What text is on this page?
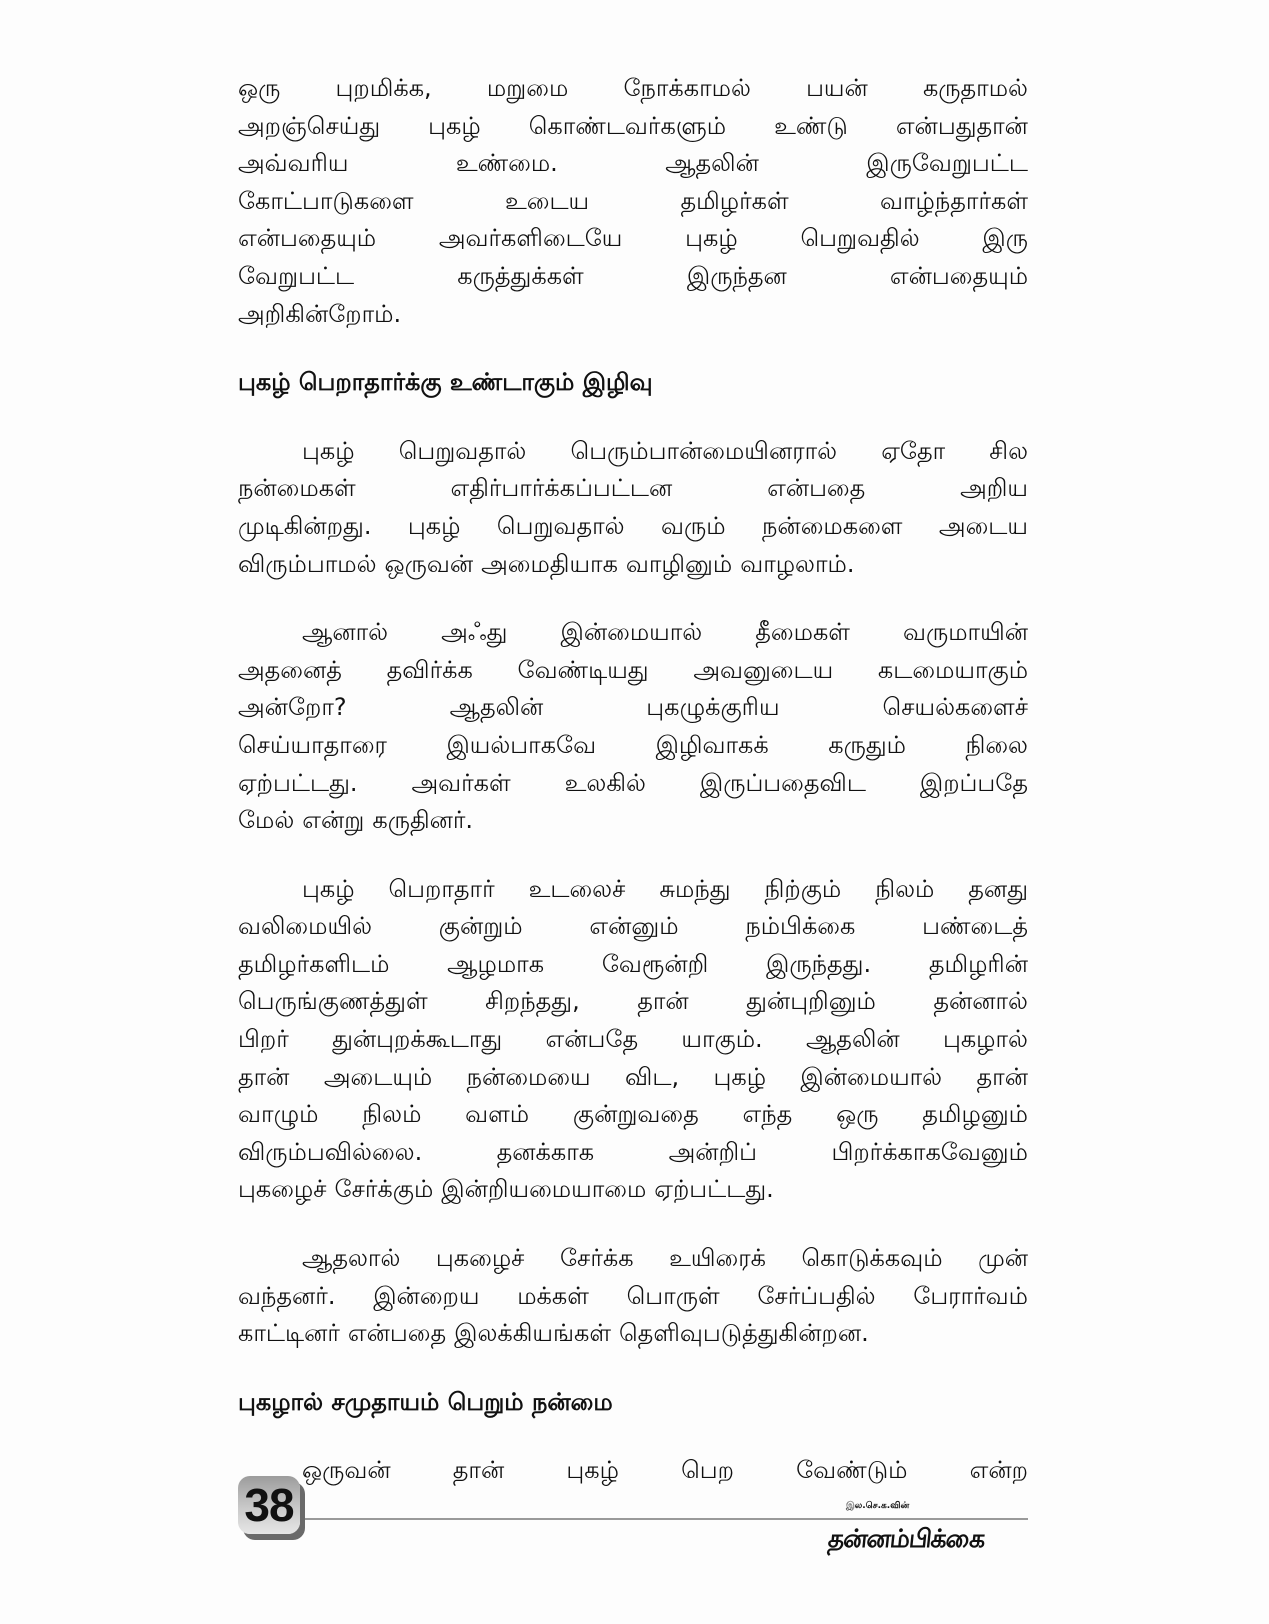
ஒரு புறமிக்க, மறுமை நோக்காமல் பயன் கருதாமல்
அறஞ்செய்து புகழ் கொண்டவர்களும் உண்டு என்பதுதான்
அவ்வரிய	உண்மை.	ஆதலின்	இருவேறுபட்ட
கோட்பாடுகளை	உடைய	தமிழர்கள்	வாழ்ந்தார்கள்
என்பதையும்	அவர்களிடையே	புகழ்	பெறுவதில்	இரு
வேறுபட்ட	கருத்துக்கள்	இருந்தன	என்பதையும்
அறிகின்றோம்.
புகழ் பெறாதார்க்கு உண்டாகும் இழிவு
புகழ் பெறுவதால் பெரும்பான்மையினரால் ஏதோ சில
நன்மைகள்	எதிர்பார்க்கப்பட்டன	என்பதை	அறிய
முடிகின்றது. புகழ் பெறுவதால் வரும் நன்மைகளை அடைய
விரும்பாமல் ஒருவன் அமைதியாக வாழினும் வாழலாம்.
ஆனால் அஃது இன்மையால் தீமைகள் வருமாயின்
அதனைத் தவிர்க்க வேண்டியது அவனுடைய கடமையாகும்
அன்றோ?	ஆதலின்	புகழுக்குரிய	செயல்களைச்
செய்யாதாரை இயல்பாகவே இழிவாகக் கருதும் நிலை
ஏற்பட்டது. அவர்கள் உலகில் இருப்பதைவிட இறப்பதே
மேல் என்று கருதினர்.
புகழ் பெறாதார் உடலைச் சுமந்து நிற்கும் நிலம் தனது
வலிமையில்	குன்றும்	என்னும்	நம்பிக்கை	பண்டைத்
தமிழர்களிடம் ஆழமாக வேரூன்றி இருந்தது. தமிழரின்
பெருங்குணத்துள் சிறந்தது, தான் துன்புறினும் தன்னால்
பிறர் துன்புறக்கூடாது என்பதே யாகும். ஆதலின் புகழால்
தான் அடையும் நன்மையை விட, புகழ் இன்மையால் தான்
வாழும் நிலம் வளம் குன்றுவதை எந்த ஒரு தமிழனும்
விரும்பவில்லை.	தனக்காக	அன்றிப்	பிறர்க்காகவேனும்
புகழைச் சேர்க்கும் இன்றியமையாமை ஏற்பட்டது.
ஆதலால் புகழைச் சேர்க்க உயிரைக் கொடுக்கவும் முன்
வந்தனர். இன்றைய மக்கள் பொருள் சேர்ப்பதில் பேரார்வம்
காட்டினர் என்பதை இலக்கியங்கள் தெளிவுபடுத்துகின்றன.
புகழால் சமுதாயம் பெறும் நன்மை
ஒருவன்	தான்	புகழ்	பெற	வேண்டும்	என்ற
38	இல.செ.க.வின்
தன்னம்பிக்கை
